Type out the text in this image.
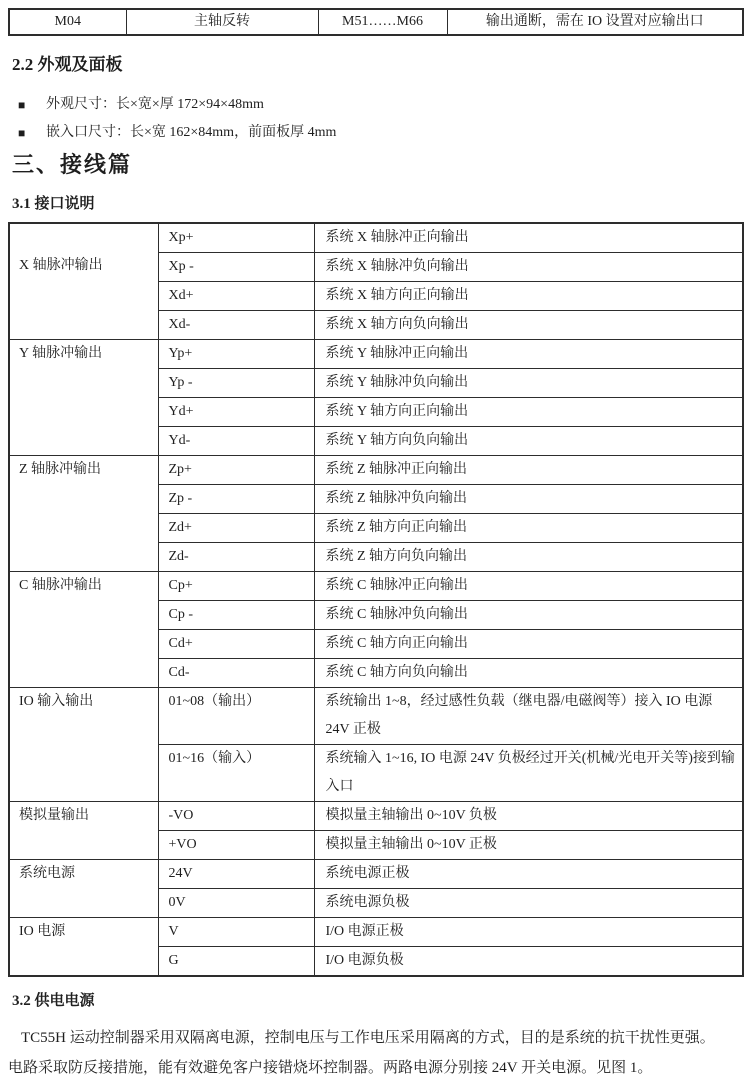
M04	主轴反转	M51……M66	输出通断，需在 IO 设置对应输出口
2.2 外观及面板
■	外观尺寸：长×宽×厚 172×94×48mm
■	嵌入口尺寸：长×宽 162×84mm，前面板厚 4mm
三、接线篇
3.1 接口说明
X 轴脉冲输出	Xp+	系统 X 轴脉冲正向输出
	Xp -	系统 X 轴脉冲负向输出
	Xd+	系统 X 轴方向正向输出
	Xd-	系统 X 轴方向负向输出
Y 轴脉冲输出	Yp+	系统 Y 轴脉冲正向输出
	Yp -	系统 Y 轴脉冲负向输出
	Yd+	系统 Y 轴方向正向输出
	Yd-	系统 Y 轴方向负向输出
Z 轴脉冲输出	Zp+	系统 Z 轴脉冲正向输出
	Zp -	系统 Z 轴脉冲负向输出
	Zd+	系统 Z 轴方向正向输出
	Zd-	系统 Z 轴方向负向输出
C 轴脉冲输出	Cp+	系统 C 轴脉冲正向输出
	Cp -	系统 C 轴脉冲负向输出
	Cd+	系统 C 轴方向正向输出
	Cd-	系统 C 轴方向负向输出
IO 输入输出	01~08（输出）	系统输出 1~8，经过感性负载（继电器/电磁阀等）接入 IO 电源 24V 正极
	01~16（输入）	系统输入 1~16, IO 电源 24V 负极经过开关(机械/光电开关等)接到输入口
模拟量输出	-VO	模拟量主轴输出 0~10V 负极
	+VO	模拟量主轴输出 0~10V 正极
系统电源	24V	系统电源正极
	0V	系统电源负极
IO 电源	V	I/O 电源正极
	G	I/O 电源负极
3.2 供电电源

TC55H 运动控制器采用双隔离电源，控制电压与工作电压采用隔离的方式，目的是系统的抗干扰性更强。
电路采取防反接措施，能有效避免客户接错烧坏控制器。两路电源分别接 24V 开关电源。见图 1。
